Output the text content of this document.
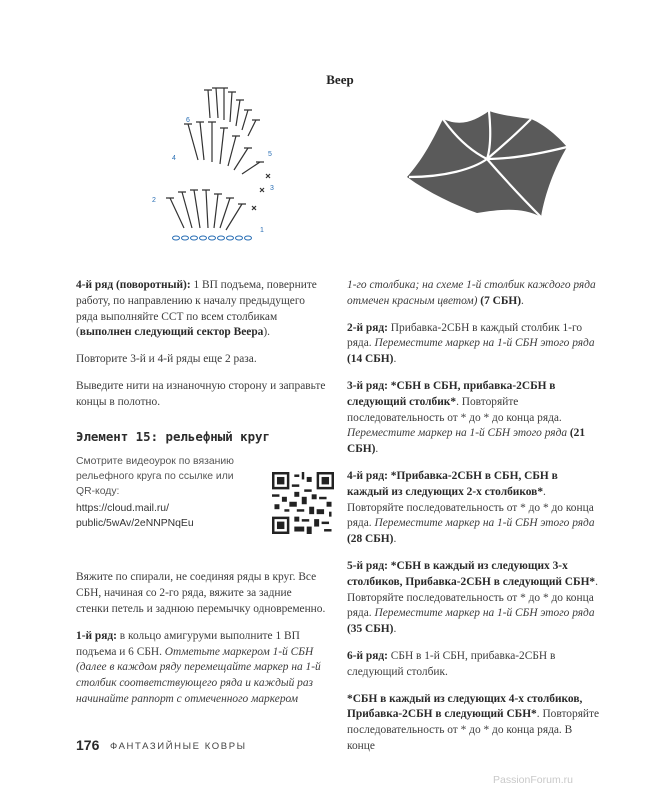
Веер
6
5
4
3
2
1

4-й ряд (поворотный): 1 ВП подъема, поверните работу, по направлению к началу предыдущего ряда выполняйте ССТ по всем столбикам (выполнен следующий сектор Веера).

Повторите 3-й и 4-й ряды еще 2 раза.

Выведите нити на изнаночную сторону и заправьте концы в полотно.

Элемент 15: рельефный круг
Смотрите видеоурок по вязанию рельефного круга по ссылке или QR-коду:
https://cloud.mail.ru/
public/5wAv/2eNNPNqEu

Вяжите по спирали, не соединяя ряды в круг. Все СБН, начиная со 2-го ряда, вяжите за задние стенки петель и заднюю перемычку одновременно.

1-й ряд: в кольцо амигуруми выполните 1 ВП подъема и 6 СБН. Отметьте маркером 1-й СБН (далее в каждом ряду перемещайте маркер на 1-й столбик соответствующего ряда и каждый раз начинайте раппорт с отмеченного маркером

1-го столбика; на схеме 1-й столбик каждого ряда отмечен красным цветом) (7 СБН).

2-й ряд: Прибавка-2СБН в каждый столбик 1-го ряда. Переместите маркер на 1-й СБН этого ряда (14 СБН).

3-й ряд: *СБН в СБН, прибавка-2СБН в следующий столбик*. Повторяйте последовательность от * до * до конца ряда. Переместите маркер на 1-й СБН этого ряда (21 СБН).

4-й ряд: *Прибавка-2СБН в СБН, СБН в каждый из следующих 2-х столбиков*. Повторяйте последовательность от * до * до конца ряда. Переместите маркер на 1-й СБН этого ряда (28 СБН).

5-й ряд: *СБН в каждый из следующих 3-х столбиков, Прибавка-2СБН в следующий СБН*. Повторяйте последовательность от * до * до конца ряда. Переместите маркер на 1-й СБН этого ряда (35 СБН).

6-й ряд: СБН в 1-й СБН, прибавка-2СБН в следующий столбик.

*СБН в каждый из следующих 4-х столбиков, Прибавка-2СБН в следующий СБН*. Повторяйте последовательность от * до * до конца ряда. В конце

176 ФАНТАЗИЙНЫЕ КОВРЫ
PassionForum.ru
